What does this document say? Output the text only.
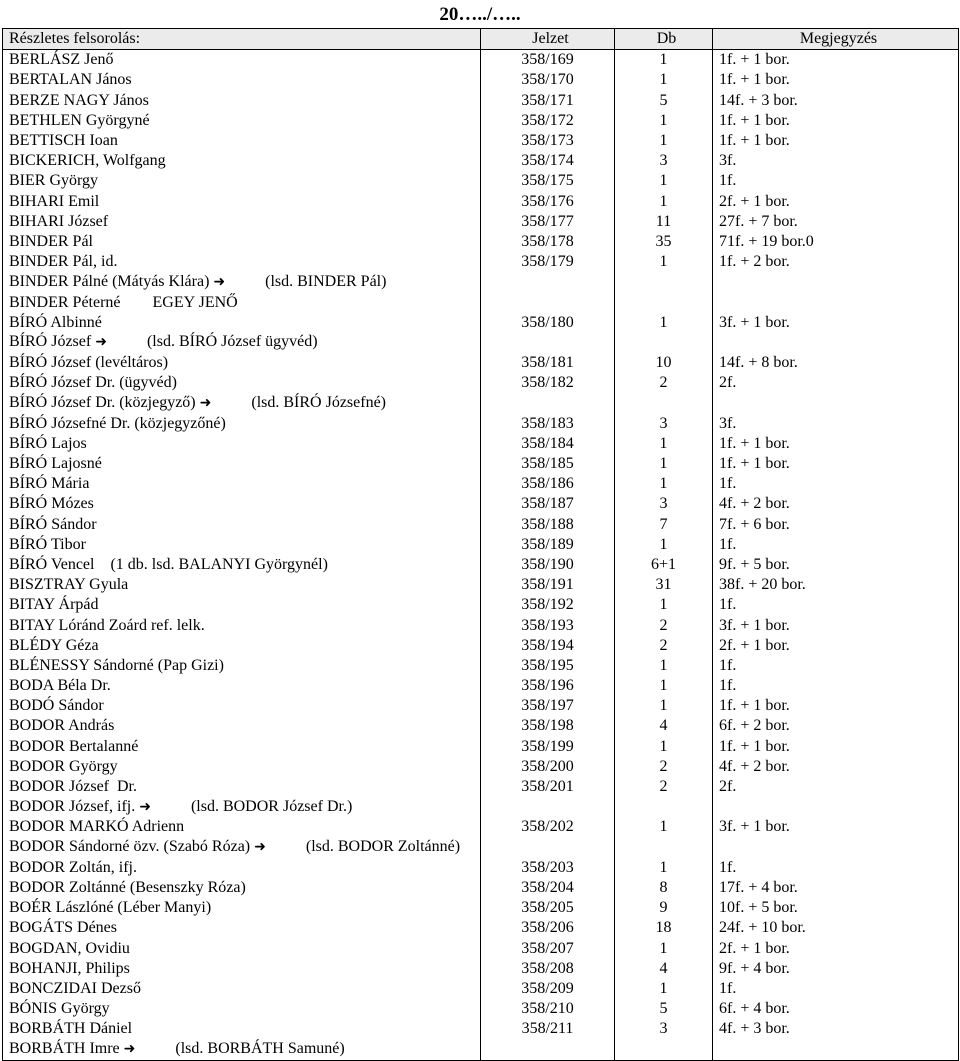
20…../…..
Részletes felsorolás:	Jelzet	Db	Megjegyzés
BERLÁSZ Jenő	358/169	1	1f. + 1 bor.
BERTALAN János	358/170	1	1f. + 1 bor.
BERZE NAGY János	358/171	5	14f. + 3 bor.
BETHLEN Györgyné	358/172	1	1f. + 1 bor.
BETTISCH Ioan	358/173	1	1f. + 1 bor.
BICKERICH, Wolfgang	358/174	3	3f.
BIER György	358/175	1	1f.
BIHARI Emil	358/176	1	2f. + 1 bor.
BIHARI József	358/177	11	27f. + 7 bor.
BINDER Pál	358/178	35	71f. + 19 bor.0
BINDER Pál, id.	358/179	1	1f. + 2 bor.
BINDER Pálné (Mátyás Klára) ➜ (lsd. BINDER Pál)			
BINDER Péterné        EGEY JENŐ			
BÍRÓ Albinné	358/180	1	3f. + 1 bor.
BÍRÓ József ➜ (lsd. BÍRÓ József ügyvéd)			
BÍRÓ József (levéltáros)	358/181	10	14f. + 8 bor.
BÍRÓ József Dr. (ügyvéd)	358/182	2	2f.
BÍRÓ József Dr. (közjegyző) ➜ (lsd. BÍRÓ Józsefné)			
BÍRÓ Józsefné Dr. (közjegyzőné)	358/183	3	3f.
BÍRÓ Lajos	358/184	1	1f. + 1 bor.
BÍRÓ Lajosné	358/185	1	1f. + 1 bor.
BÍRÓ Mária	358/186	1	1f.
BÍRÓ Mózes	358/187	3	4f. + 2 bor.
BÍRÓ Sándor	358/188	7	7f. + 6 bor.
BÍRÓ Tibor	358/189	1	1f.
BÍRÓ Vencel    (1 db. lsd. BALANYI Györgynél)	358/190	6+1	9f. + 5 bor.
BISZTRAY Gyula	358/191	31	38f. + 20 bor.
BITAY Árpád	358/192	1	1f.
BITAY Lóránd Zoárd ref. lelk.	358/193	2	3f. + 1 bor.
BLÉDY Géza	358/194	2	2f. + 1 bor.
BLÉNESSY Sándorné (Pap Gizi)	358/195	1	1f.
BODA Béla Dr.	358/196	1	1f.
BODÓ Sándor	358/197	1	1f. + 1 bor.
BODOR András	358/198	4	6f. + 2 bor.
BODOR Bertalanné	358/199	1	1f. + 1 bor.
BODOR György	358/200	2	4f. + 2 bor.
BODOR József  Dr.	358/201	2	2f.
BODOR József, ifj. ➜ (lsd. BODOR József Dr.)			
BODOR MARKÓ Adrienn	358/202	1	3f. + 1 bor.
BODOR Sándorné özv. (Szabó Róza) ➜ (lsd. BODOR Zoltánné)			
BODOR Zoltán, ifj.	358/203	1	1f.
BODOR Zoltánné (Besenszky Róza)	358/204	8	17f. + 4 bor.
BOÉR Lászlóné (Léber Manyi)	358/205	9	10f. + 5 bor.
BOGÁTS Dénes	358/206	18	24f. + 10 bor.
BOGDAN, Ovidiu	358/207	1	2f. + 1 bor.
BOHANJI, Philips	358/208	4	9f. + 4 bor.
BONCZIDAI Dezső	358/209	1	1f.
BÓNIS György	358/210	5	6f. + 4 bor.
BORBÁTH Dániel	358/211	3	4f. + 3 bor.
BORBÁTH Imre ➜ (lsd. BORBÁTH Samuné)			
